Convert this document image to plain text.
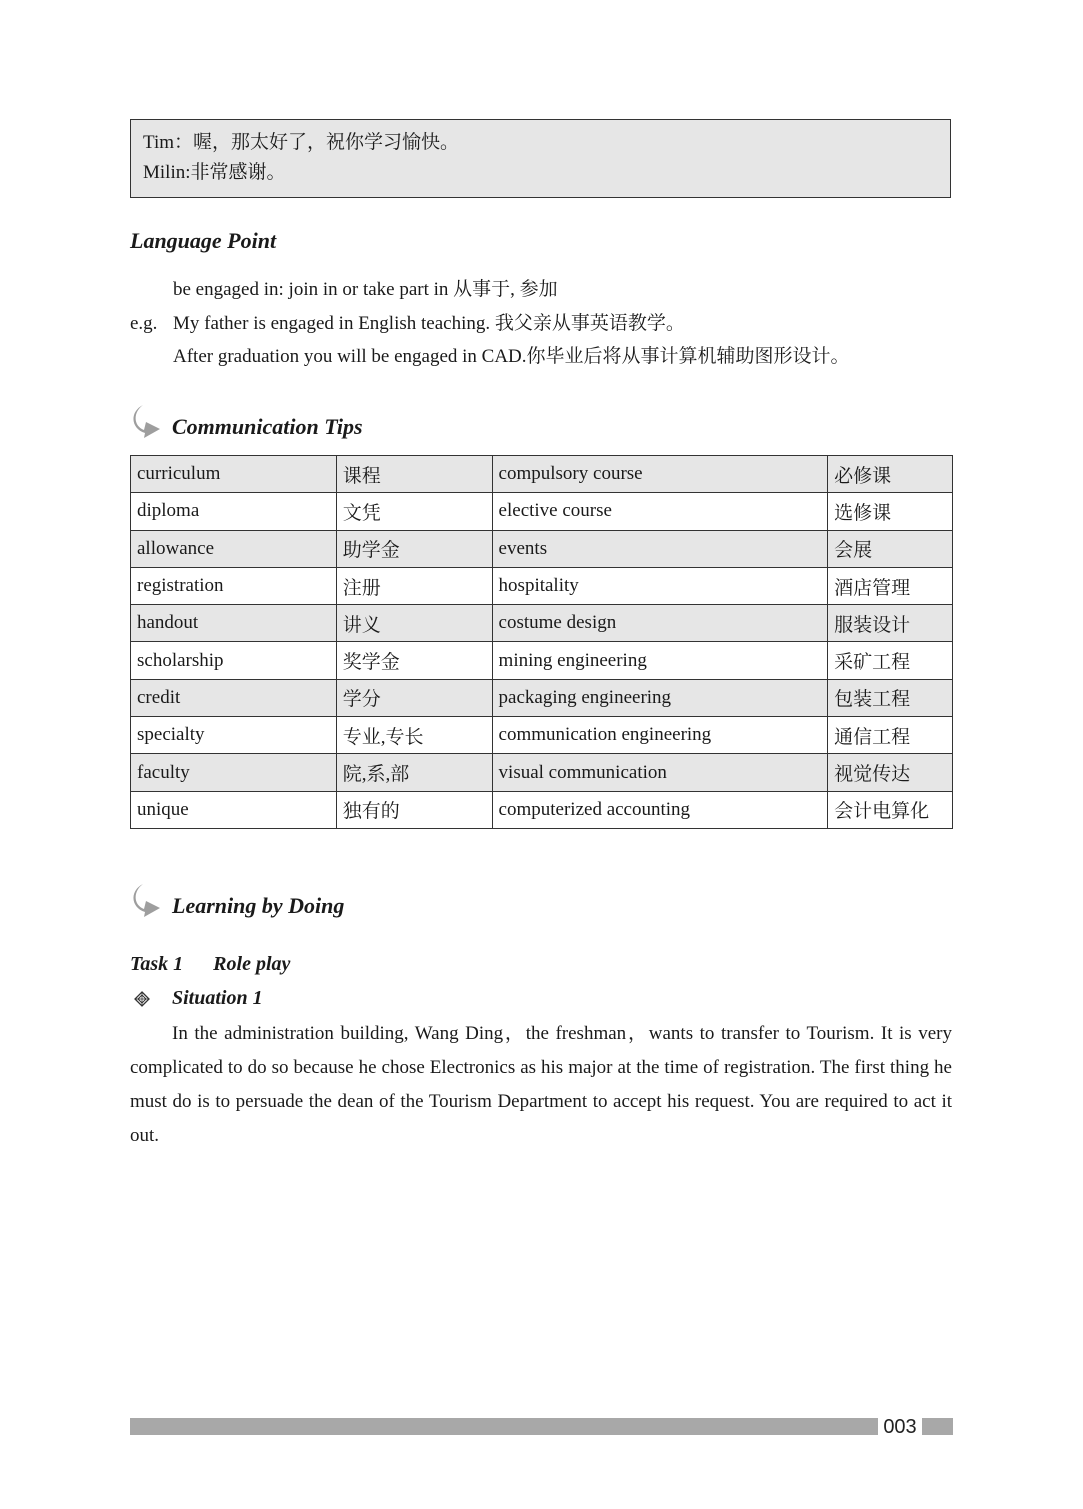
Tim：喔，那太好了，祝你学习愉快。
Milin:非常感谢。
Language Point
be engaged in: join in or take part in 从事于, 参加
e.g. My father is engaged in English teaching. 我父亲从事英语教学。
After graduation you will be engaged in CAD.你毕业后将从事计算机辅助图形设计。
Communication Tips
curriculum	课程	compulsory course	必修课
diploma	文凭	elective course	选修课
allowance	助学金	events	会展
registration	注册	hospitality	酒店管理
handout	讲义	costume design	服装设计
scholarship	奖学金	mining engineering	采矿工程
credit	学分	packaging engineering	包装工程
specialty	专业,专长	communication engineering	通信工程
faculty	院,系,部	visual communication	视觉传达
unique	独有的	computerized accounting	会计电算化
Learning by Doing
Task 1 Role play
Situation 1
In the administration building, Wang Ding，the freshman，wants to transfer to Tourism. It is very complicated to do so because he chose Electronics as his major at the time of registration. The first thing he must do is to persuade the dean of the Tourism Department to accept his request. You are required to act it out.
003
